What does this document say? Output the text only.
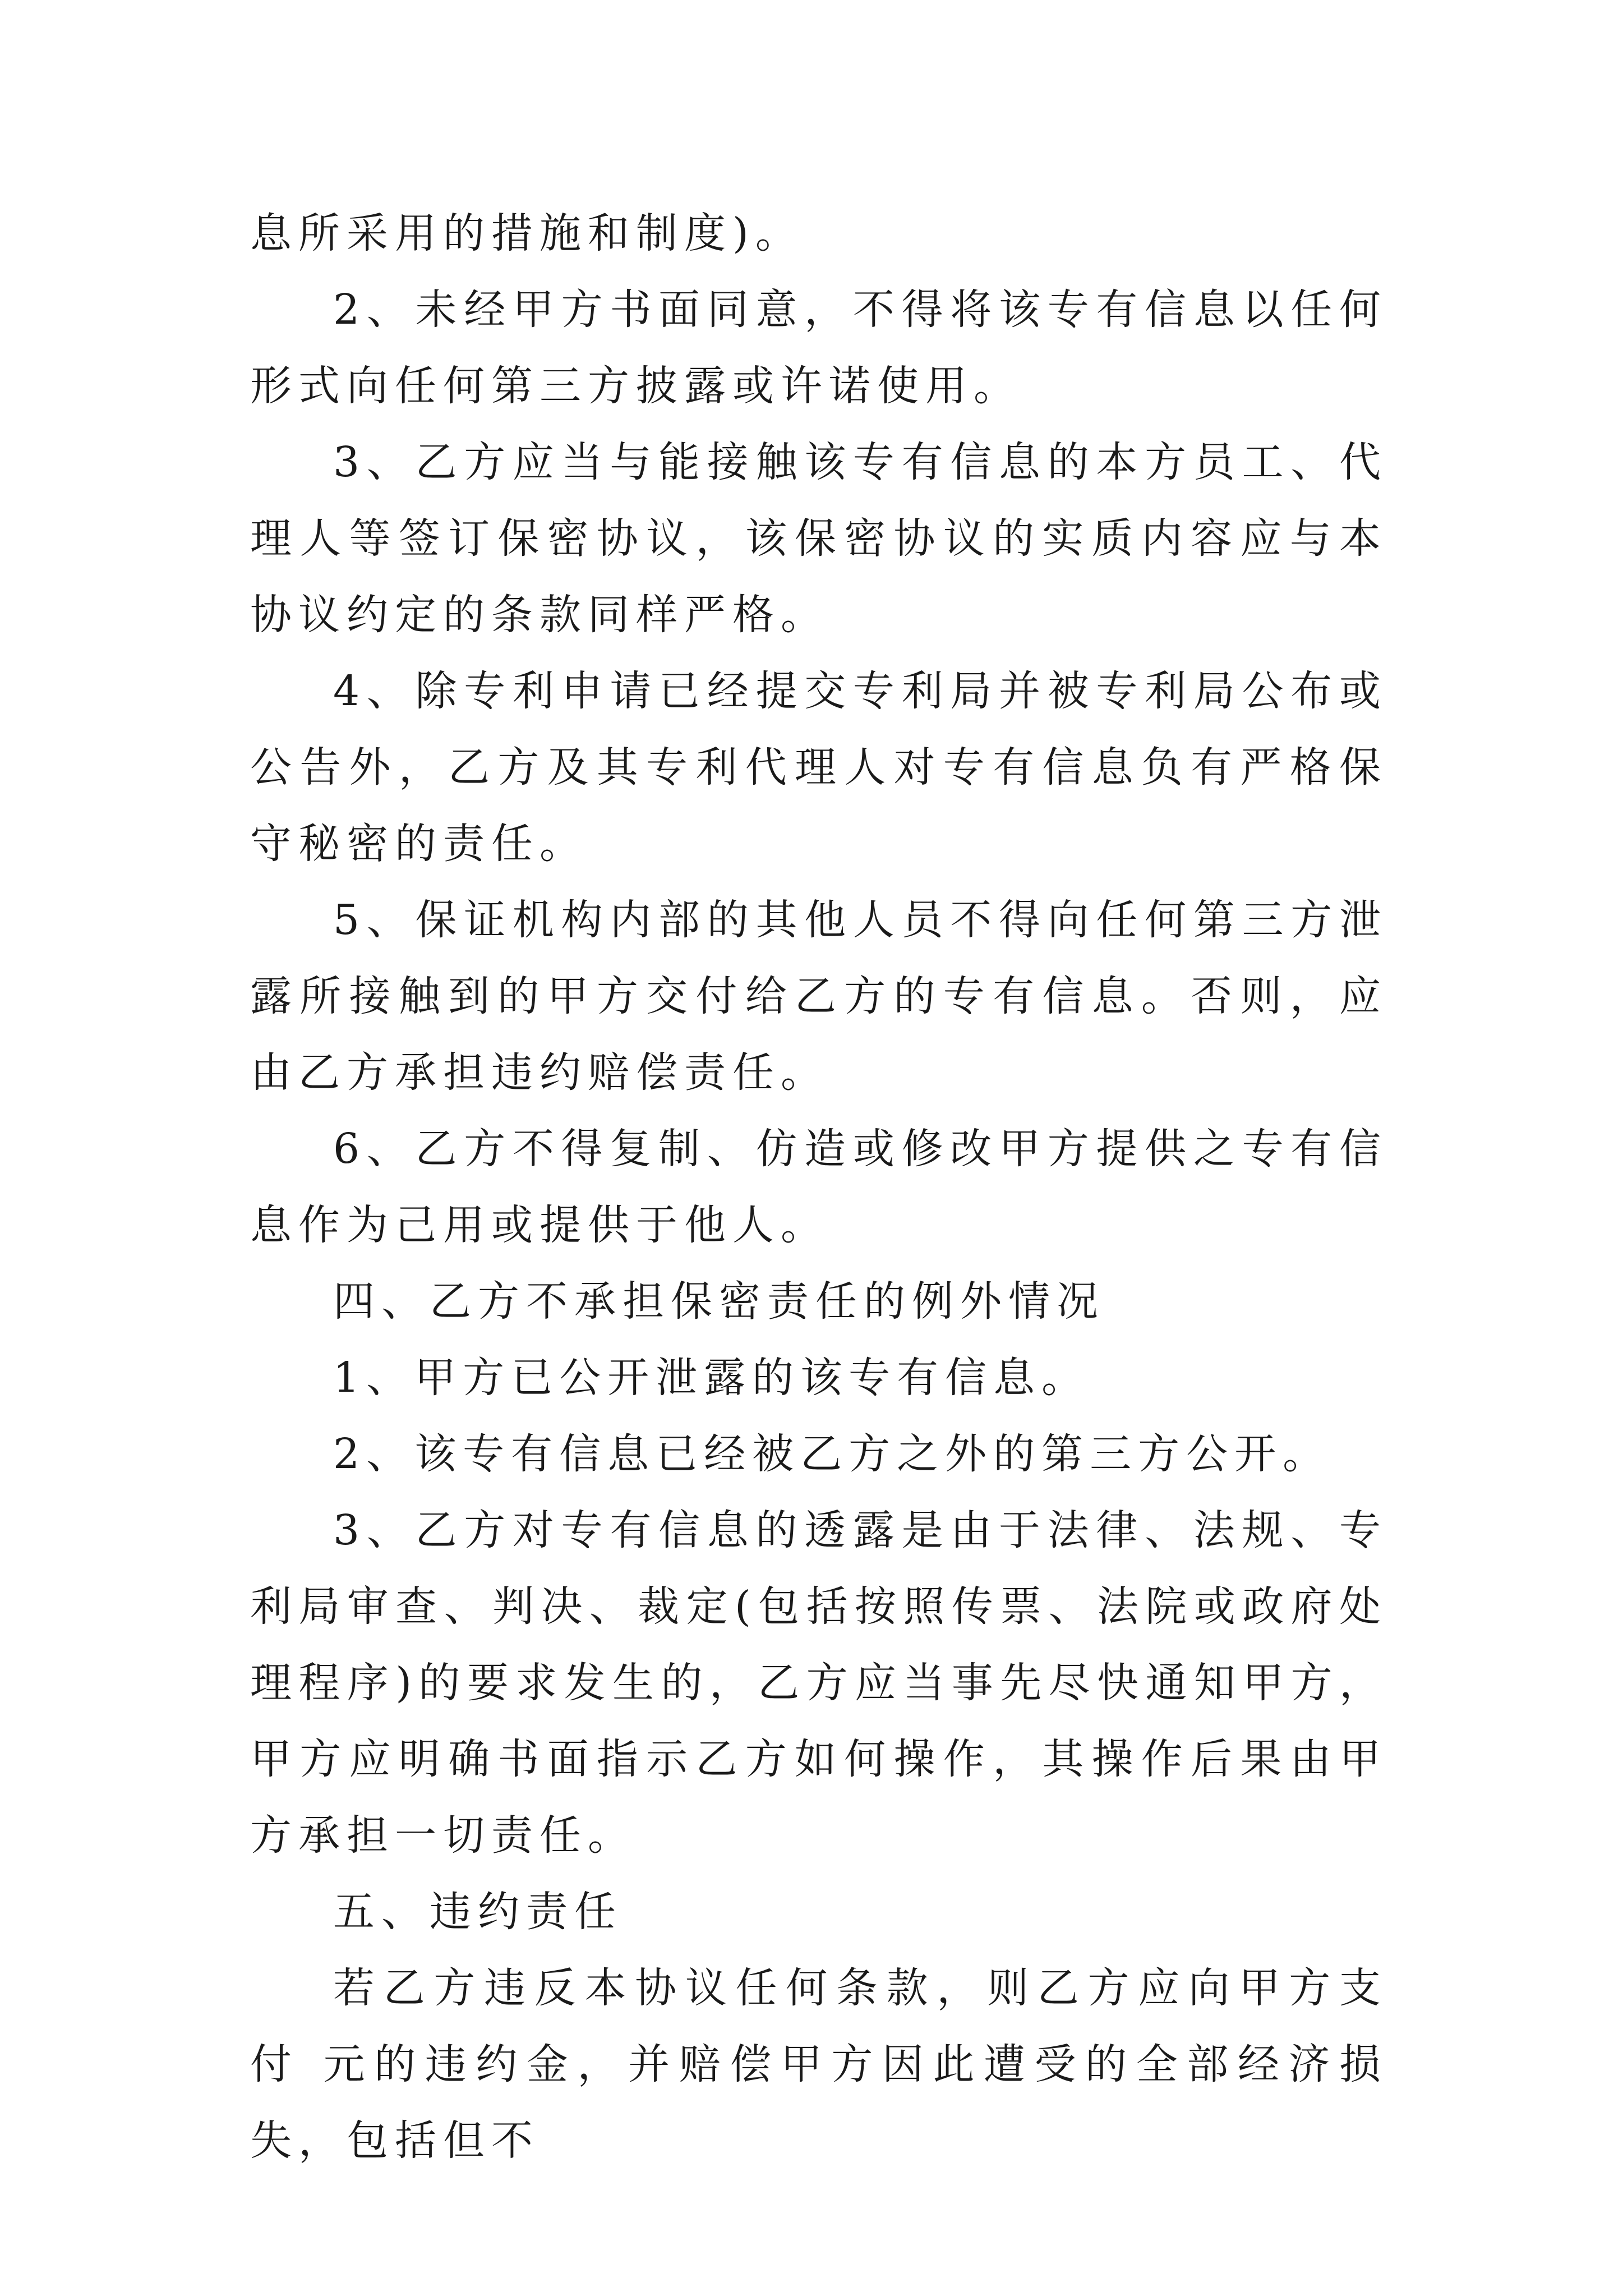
息所采用的措施和制度)。

2、未经甲方书面同意，不得将该专有信息以任何形式向任何第三方披露或许诺使用。

3、乙方应当与能接触该专有信息的本方员工、代理人等签订保密协议，该保密协议的实质内容应与本协议约定的条款同样严格。

4、除专利申请已经提交专利局并被专利局公布或公告外，乙方及其专利代理人对专有信息负有严格保守秘密的责任。

5、保证机构内部的其他人员不得向任何第三方泄露所接触到的甲方交付给乙方的专有信息。否则，应由乙方承担违约赔偿责任。

6、乙方不得复制、仿造或修改甲方提供之专有信息作为己用或提供于他人。

四、乙方不承担保密责任的例外情况

1、甲方已公开泄露的该专有信息。

2、该专有信息已经被乙方之外的第三方公开。

3、乙方对专有信息的透露是由于法律、法规、专利局审查、判决、裁定(包括按照传票、法院或政府处理程序)的要求发生的，乙方应当事先尽快通知甲方，甲方应明确书面指示乙方如何操作，其操作后果由甲方承担一切责任。

五、违约责任

若乙方违反本协议任何条款，则乙方应向甲方支付 元的违约金，并赔偿甲方因此遭受的全部经济损失，包括但不
